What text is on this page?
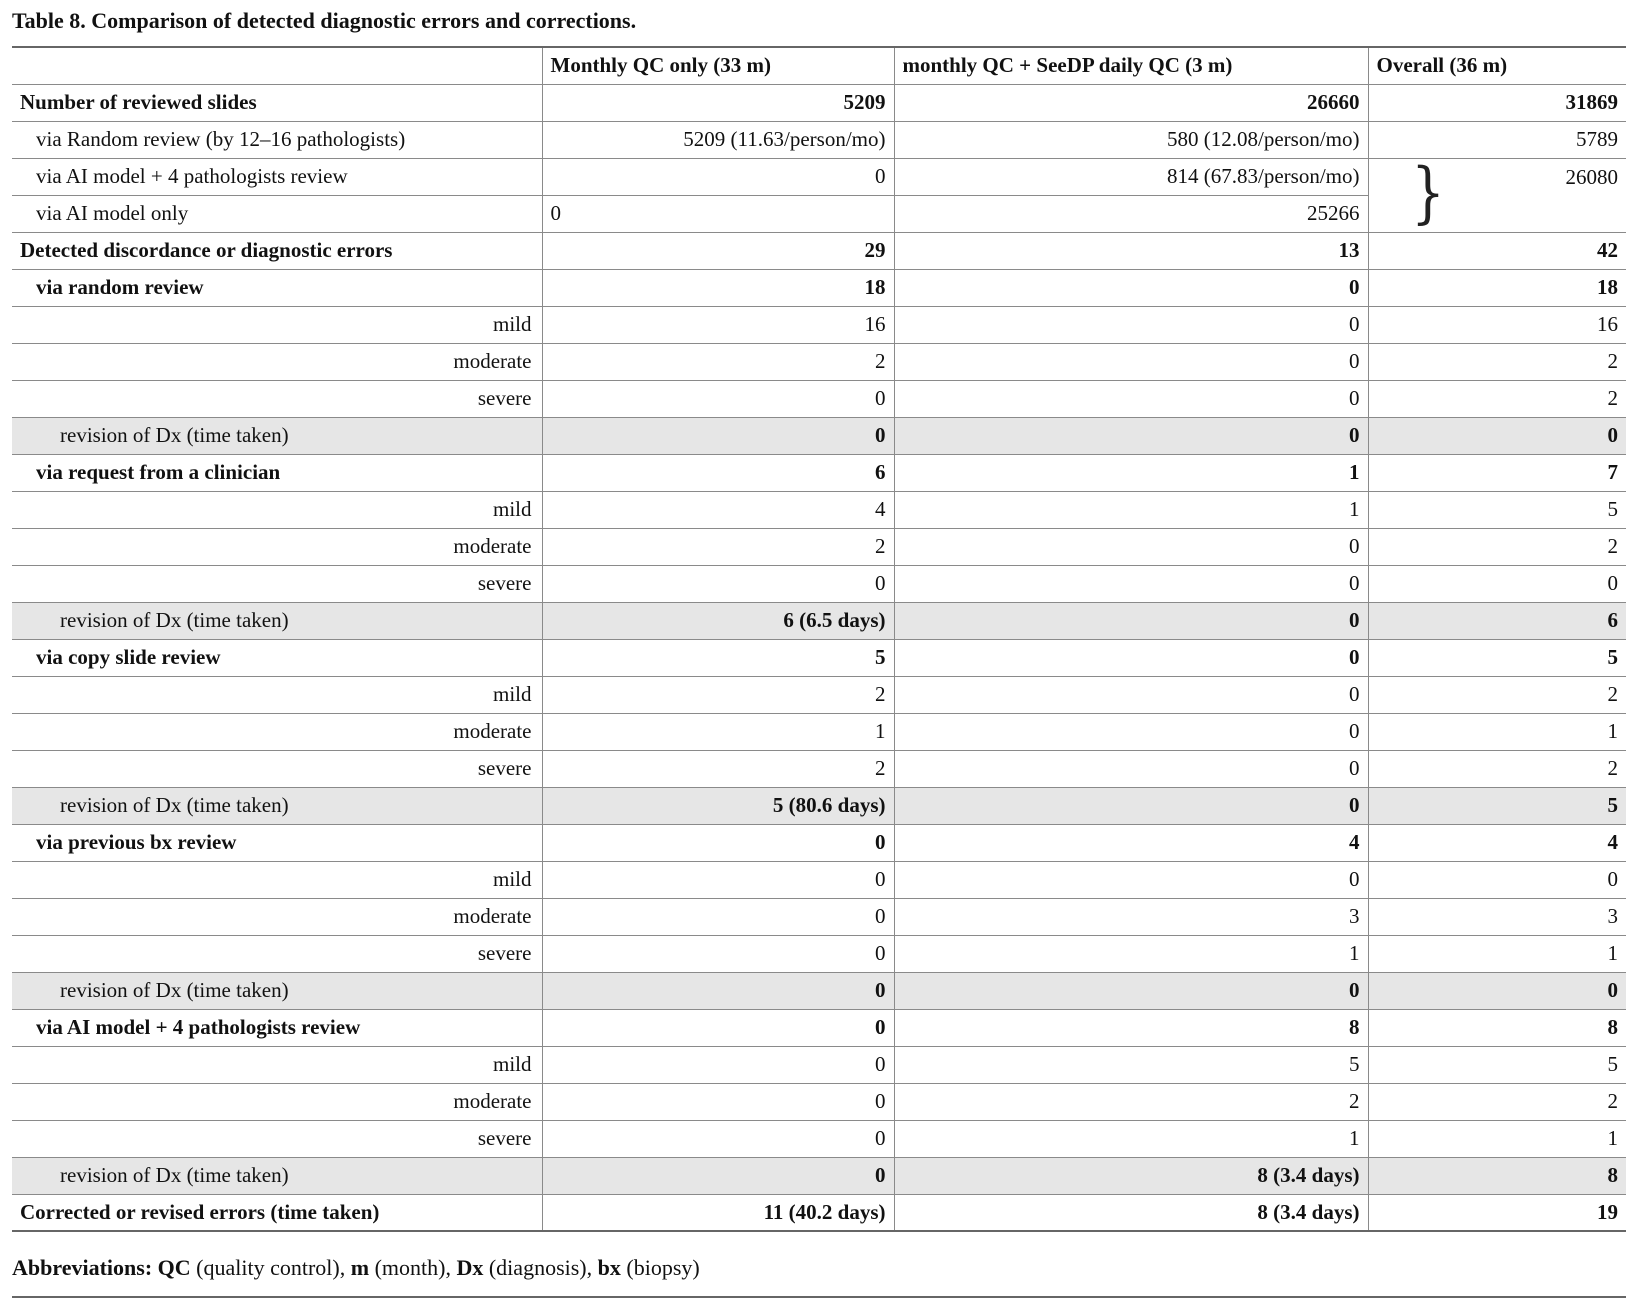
Table 8. Comparison of detected diagnostic errors and corrections.
	Monthly QC only (33 m)	monthly QC + SeeDP daily QC (3 m)	Overall (36 m)
Number of reviewed slides	5209	26660	31869
via Random review (by 12–16 pathologists)	5209 (11.63/person/mo)	580 (12.08/person/mo)	5789
via AI model + 4 pathologists review	0	814 (67.83/person/mo)	} 26080

via AI model only	0	25266	
Detected discordance or diagnostic errors	29	13	42
via random review	18	0	18
mild	16	0	16
moderate	2	0	2
severe	0	0	2
revision of Dx (time taken)	0	0	0
via request from a clinician	6	1	7
mild	4	1	5
moderate	2	0	2
severe	0	0	0
revision of Dx (time taken)	6 (6.5 days)	0	6
via copy slide review	5	0	5
mild	2	0	2
moderate	1	0	1
severe	2	0	2
revision of Dx (time taken)	5 (80.6 days)	0	5
via previous bx review	0	4	4
mild	0	0	0
moderate	0	3	3
severe	0	1	1
revision of Dx (time taken)	0	0	0
via AI model + 4 pathologists review	0	8	8
mild	0	5	5
moderate	0	2	2
severe	0	1	1
revision of Dx (time taken)	0	8 (3.4 days)	8
Corrected or revised errors (time taken)	11 (40.2 days)	8 (3.4 days)	19
Abbreviations: QC (quality control), m (month), Dx (diagnosis), bx (biopsy)
